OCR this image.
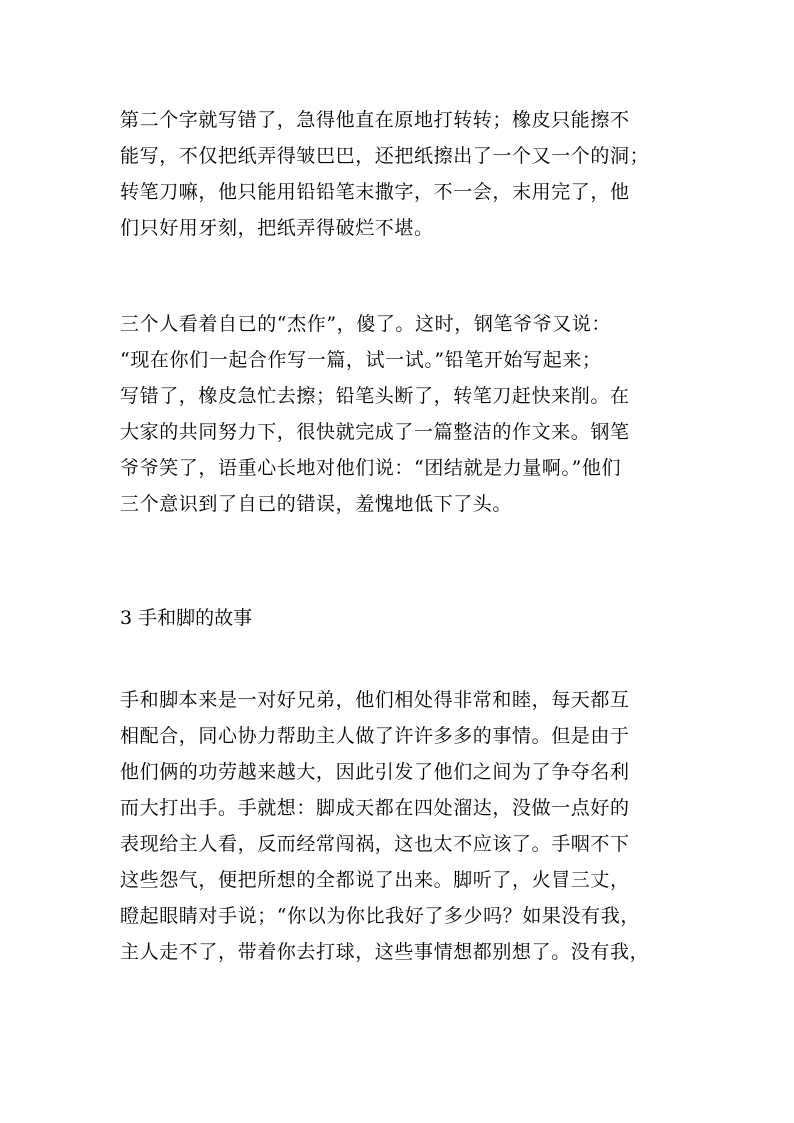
第二个字就写错了，急得他直在原地打转转；橡皮只能擦不
能写，不仅把纸弄得皱巴巴，还把纸擦出了一个又一个的洞；
转笔刀嘛，他只能用铅铅笔末撒字，不一会，末用完了，他
们只好用牙刻，把纸弄得破烂不堪。
三个人看着自已的“杰作”，傻了。这时，钢笔爷爷又说：
“现在你们一起合作写一篇，试一试。”铅笔开始写起来；
写错了，橡皮急忙去擦；铅笔头断了，转笔刀赶快来削。在
大家的共同努力下，很快就完成了一篇整洁的作文来。钢笔
爷爷笑了，语重心长地对他们说：“团结就是力量啊。”他们
三个意识到了自已的错误，羞愧地低下了头。
3 手和脚的故事
手和脚本来是一对好兄弟，他们相处得非常和睦，每天都互
相配合，同心协力帮助主人做了许许多多的事情。但是由于
他们俩的功劳越来越大，因此引发了他们之间为了争夺名利
而大打出手。手就想：脚成天都在四处溜达，没做一点好的
表现给主人看，反而经常闯祸，这也太不应该了。手咽不下
这些怨气，便把所想的全都说了出来。脚听了，火冒三丈，
瞪起眼睛对手说；“你以为你比我好了多少吗？如果没有我，
主人走不了，带着你去打球，这些事情想都别想了。没有我，
